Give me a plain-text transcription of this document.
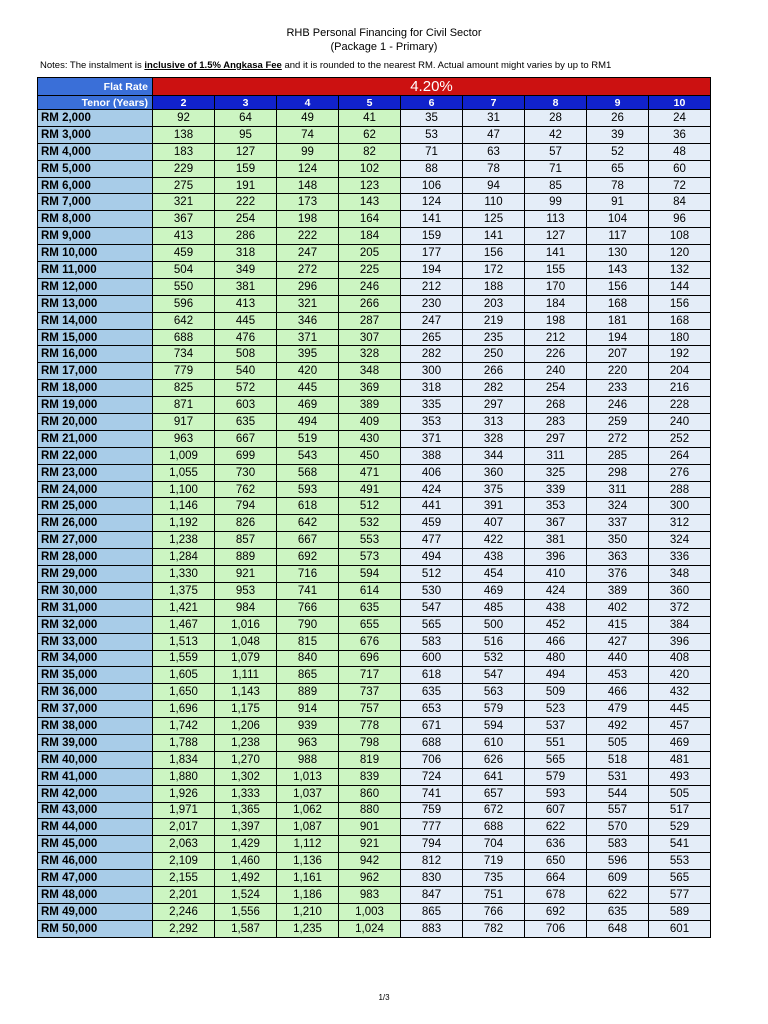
RHB Personal Financing for Civil Sector
(Package 1 - Primary)
Notes: The instalment is inclusive of 1.5% Angkasa Fee and it is rounded to the nearest RM. Actual amount might varies by up to RM1
Flat Rate	4.20%								
Tenor (Years)	2	3	4	5	6	7	8	9	10
RM 2,000	92	64	49	41	35	31	28	26	24
RM 3,000	138	95	74	62	53	47	42	39	36
RM 4,000	183	127	99	82	71	63	57	52	48
RM 5,000	229	159	124	102	88	78	71	65	60
RM 6,000	275	191	148	123	106	94	85	78	72
RM 7,000	321	222	173	143	124	110	99	91	84
RM 8,000	367	254	198	164	141	125	113	104	96
RM 9,000	413	286	222	184	159	141	127	117	108
RM 10,000	459	318	247	205	177	156	141	130	120
RM 11,000	504	349	272	225	194	172	155	143	132
RM 12,000	550	381	296	246	212	188	170	156	144
RM 13,000	596	413	321	266	230	203	184	168	156
RM 14,000	642	445	346	287	247	219	198	181	168
RM 15,000	688	476	371	307	265	235	212	194	180
RM 16,000	734	508	395	328	282	250	226	207	192
RM 17,000	779	540	420	348	300	266	240	220	204
RM 18,000	825	572	445	369	318	282	254	233	216
RM 19,000	871	603	469	389	335	297	268	246	228
RM 20,000	917	635	494	409	353	313	283	259	240
RM 21,000	963	667	519	430	371	328	297	272	252
RM 22,000	1,009	699	543	450	388	344	311	285	264
RM 23,000	1,055	730	568	471	406	360	325	298	276
RM 24,000	1,100	762	593	491	424	375	339	311	288
RM 25,000	1,146	794	618	512	441	391	353	324	300
RM 26,000	1,192	826	642	532	459	407	367	337	312
RM 27,000	1,238	857	667	553	477	422	381	350	324
RM 28,000	1,284	889	692	573	494	438	396	363	336
RM 29,000	1,330	921	716	594	512	454	410	376	348
RM 30,000	1,375	953	741	614	530	469	424	389	360
RM 31,000	1,421	984	766	635	547	485	438	402	372
RM 32,000	1,467	1,016	790	655	565	500	452	415	384
RM 33,000	1,513	1,048	815	676	583	516	466	427	396
RM 34,000	1,559	1,079	840	696	600	532	480	440	408
RM 35,000	1,605	1,111	865	717	618	547	494	453	420
RM 36,000	1,650	1,143	889	737	635	563	509	466	432
RM 37,000	1,696	1,175	914	757	653	579	523	479	445
RM 38,000	1,742	1,206	939	778	671	594	537	492	457
RM 39,000	1,788	1,238	963	798	688	610	551	505	469
RM 40,000	1,834	1,270	988	819	706	626	565	518	481
RM 41,000	1,880	1,302	1,013	839	724	641	579	531	493
RM 42,000	1,926	1,333	1,037	860	741	657	593	544	505
RM 43,000	1,971	1,365	1,062	880	759	672	607	557	517
RM 44,000	2,017	1,397	1,087	901	777	688	622	570	529
RM 45,000	2,063	1,429	1,112	921	794	704	636	583	541
RM 46,000	2,109	1,460	1,136	942	812	719	650	596	553
RM 47,000	2,155	1,492	1,161	962	830	735	664	609	565
RM 48,000	2,201	1,524	1,186	983	847	751	678	622	577
RM 49,000	2,246	1,556	1,210	1,003	865	766	692	635	589
RM 50,000	2,292	1,587	1,235	1,024	883	782	706	648	601
1/3
